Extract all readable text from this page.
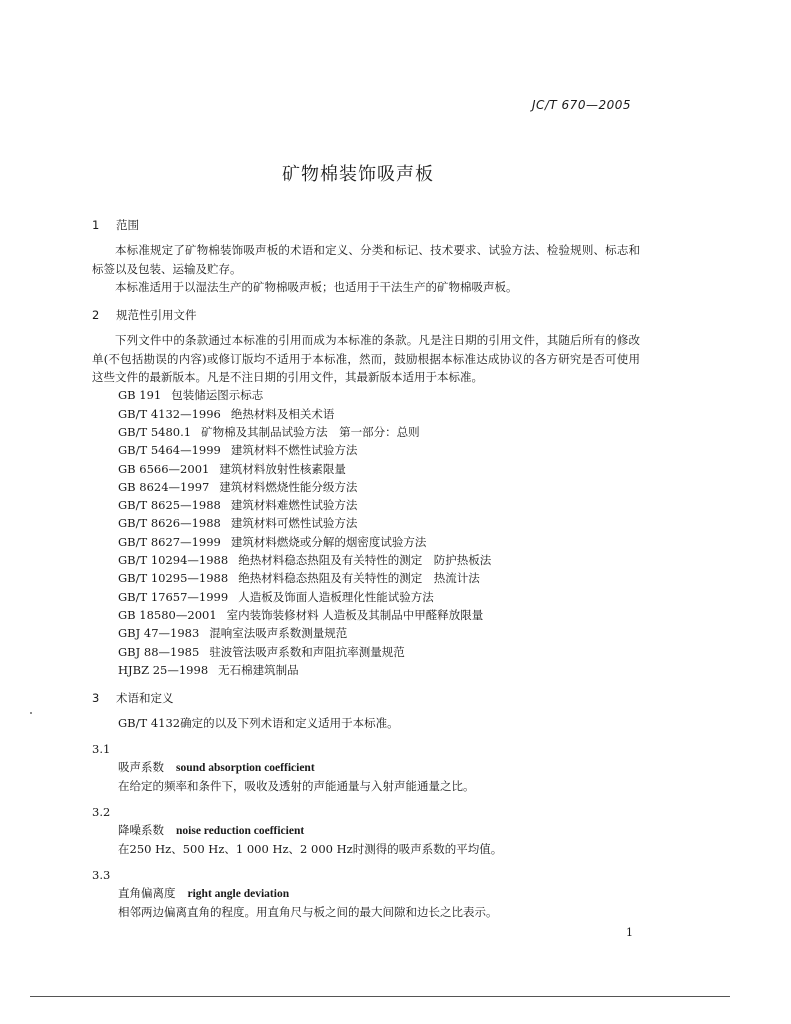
JC/T 670—2005
矿物棉装饰吸声板

1 范围

本标准规定了矿物棉装饰吸声板的术语和定义、分类和标记、技术要求、试验方法、检验规则、标志和标签以及包装、运输及贮存。

本标准适用于以湿法生产的矿物棉吸声板；也适用于干法生产的矿物棉吸声板。

2 规范性引用文件

下列文件中的条款通过本标准的引用而成为本标准的条款。凡是注日期的引用文件，其随后所有的修改单(不包括勘误的内容)或修订版均不适用于本标准，然而，鼓励根据本标准达成协议的各方研究是否可使用这些文件的最新版本。凡是不注日期的引用文件，其最新版本适用于本标准。

GB 191 包装储运图示标志
GB/T 4132—1996 绝热材料及相关术语
GB/T 5480.1 矿物棉及其制品试验方法　第一部分：总则
GB/T 5464—1999 建筑材料不燃性试验方法
GB 6566—2001 建筑材料放射性核素限量
GB 8624—1997 建筑材料燃烧性能分级方法
GB/T 8625—1988 建筑材料难燃性试验方法
GB/T 8626—1988 建筑材料可燃性试验方法
GB/T 8627—1999 建筑材料燃烧或分解的烟密度试验方法
GB/T 10294—1988 绝热材料稳态热阻及有关特性的测定　防护热板法
GB/T 10295—1988 绝热材料稳态热阻及有关特性的测定　热流计法
GB/T 17657—1999 人造板及饰面人造板理化性能试验方法
GB 18580—2001 室内装饰装修材料 人造板及其制品中甲醛释放限量
GBJ 47—1983 混响室法吸声系数测量规范
GBJ 88—1985 驻波管法吸声系数和声阻抗率测量规范
HJBZ 25—1998 无石棉建筑制品

3 术语和定义

GB/T 4132确定的以及下列术语和定义适用于本标准。

3.1

吸声系数 sound absorption coefficient

在给定的频率和条件下，吸收及透射的声能通量与入射声能通量之比。

3.2

降噪系数 noise reduction coefficient

在250 Hz、500 Hz、1 000 Hz、2 000 Hz时测得的吸声系数的平均值。

3.3

直角偏离度 right angle deviation

相邻两边偏离直角的程度。用直角尺与板之间的最大间隙和边长之比表示。

1
